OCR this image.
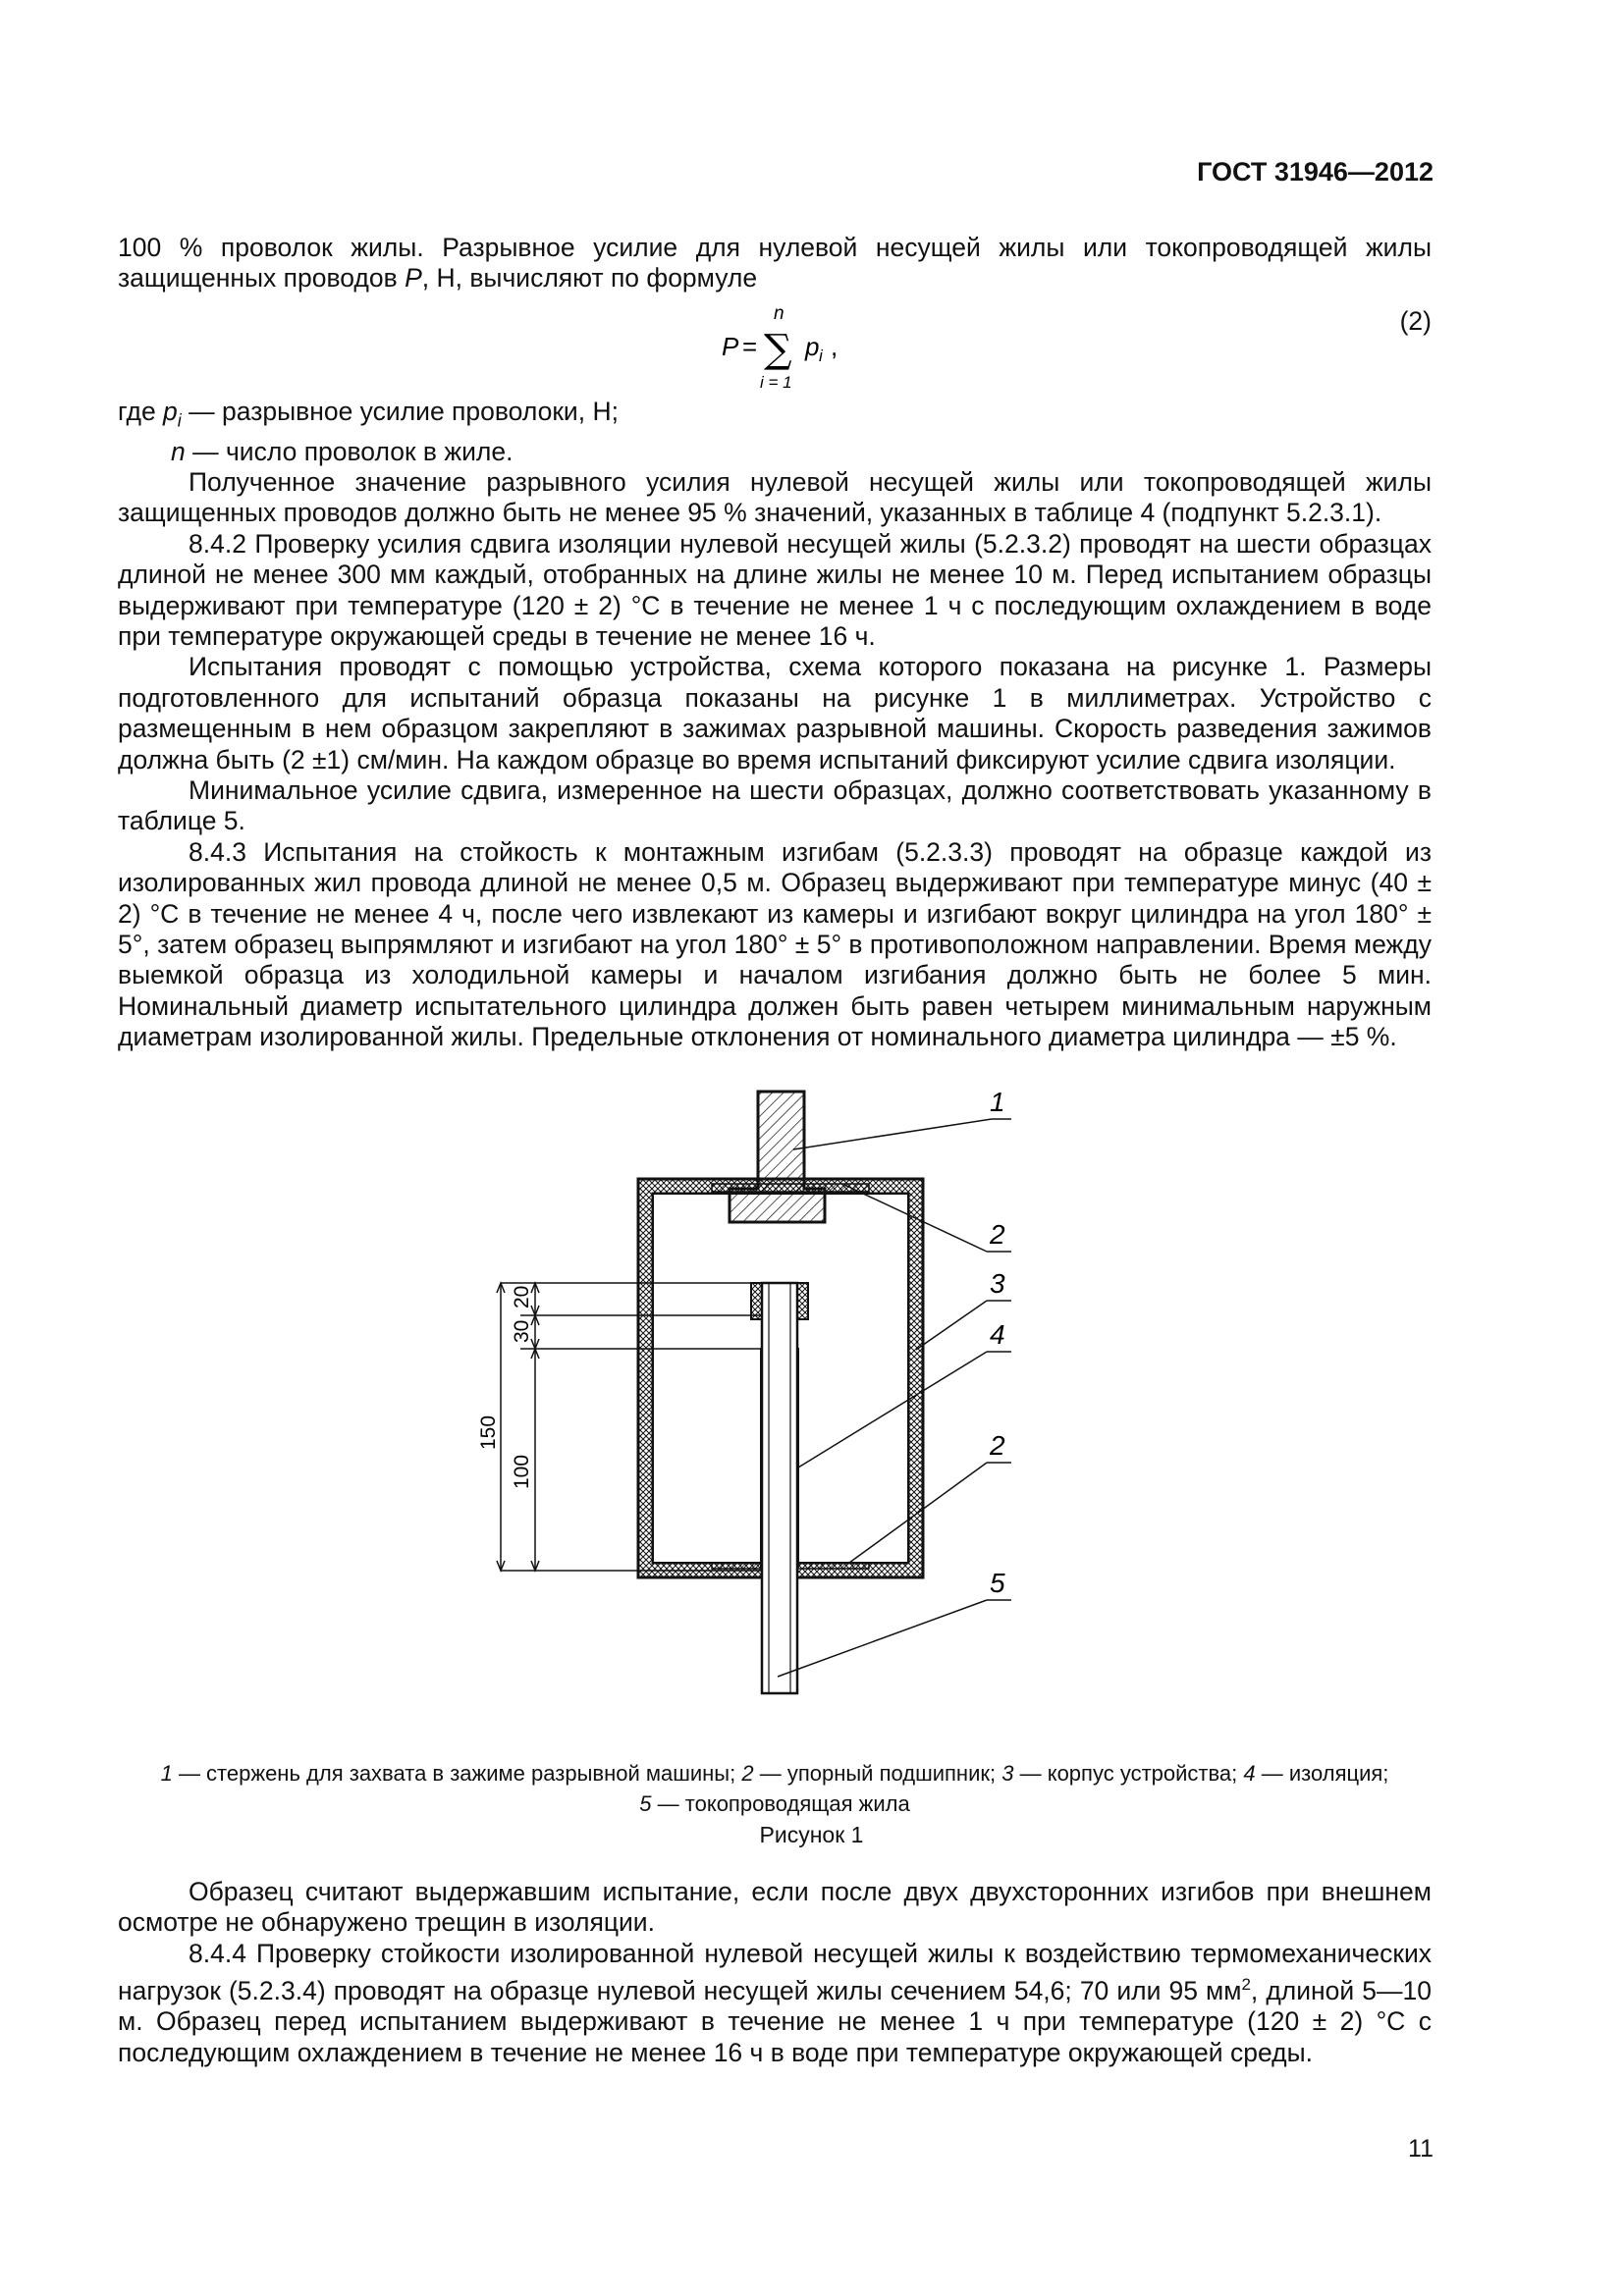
ГОСТ 31946—2012

100 % проволок жилы. Разрывное усилие для нулевой несущей жилы или токопроводящей жилы защищенных проводов P, Н, вычисляют по формуле

P =
n
∑
i = 1
p i ,
(2)

где $p_i$ — разрывное усилие проволоки, Н;

n — число проволок в жиле.

Полученное значение разрывного усилия нулевой несущей жилы или токопроводящей жилы защищенных проводов должно быть не менее 95 % значений, указанных в таблице 4 (подпункт 5.2.3.1).

8.4.2 Проверку усилия сдвига изоляции нулевой несущей жилы (5.2.3.2) проводят на шести образцах длиной не менее 300 мм каждый, отобранных на длине жилы не менее 10 м. Перед испытанием образцы выдерживают при температуре (120 ± 2) °С в течение не менее 1 ч с последующим охлаждением в воде при температуре окружающей среды в течение не менее 16 ч.

Испытания проводят с помощью устройства, схема которого показана на рисунке 1. Размеры подготовленного для испытаний образца показаны на рисунке 1 в миллиметрах. Устройство с размещенным в нем образцом закрепляют в зажимах разрывной машины. Скорость разведения зажимов должна быть (2 ±1) см/мин. На каждом образце во время испытаний фиксируют усилие сдвига изоляции.

Минимальное усилие сдвига, измеренное на шести образцах, должно соответствовать указанному в таблице 5.

8.4.3 Испытания на стойкость к монтажным изгибам (5.2.3.3) проводят на образце каждой из изолированных жил провода длиной не менее 0,5 м. Образец выдерживают при температуре минус (40 ± 2) °С в течение не менее 4 ч, после чего извлекают из камеры и изгибают вокруг цилиндра на угол 180° ± 5°, затем образец выпрямляют и изгибают на угол 180° ± 5° в противоположном направлении. Время между выемкой образца из холодильной камеры и началом изгибания должно быть не более 5 мин. Номинальный диаметр испытательного цилиндра должен быть равен четырем минимальным наружным диаметрам изолированной жилы. Предельные отклонения от номинального диаметра цилиндра — ±5 %.

20
30
150
100
1
2
3
4
2
5
1 — стержень для захвата в зажиме разрывной машины; 2 — упорный подшипник; 3 — корпус устройства; 4 — изоляция;
5 — токопроводящая жила
Рисунок 1

Образец считают выдержавшим испытание, если после двух двухсторонних изгибов при внешнем осмотре не обнаружено трещин в изоляции.

8.4.4 Проверку стойкости изолированной нулевой несущей жилы к воздействию термомеханических нагрузок (5.2.3.4) проводят на образце нулевой несущей жилы сечением 54,6; 70 или 95 $мм^2$, длиной 5—10 м. Образец перед испытанием выдерживают в течение не менее 1 ч при температуре (120 ± 2) °С с последующим охлаждением в течение не менее 16 ч в воде при температуре окружающей среды.

11
